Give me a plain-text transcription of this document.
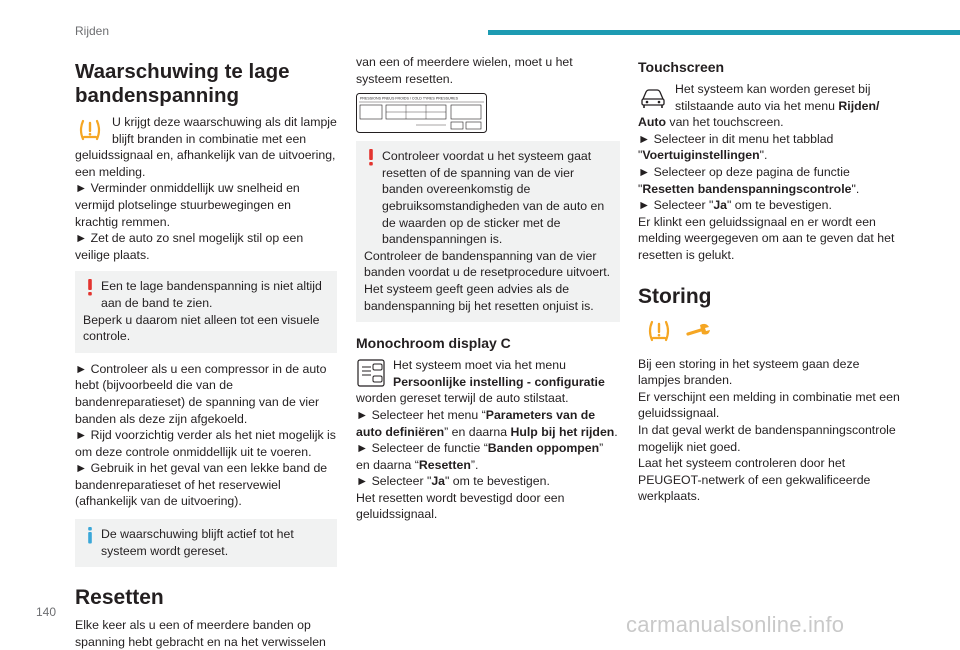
Rijden
Waarschuwing te lage bandenspanning

U krijgt deze waarschuwing als dit lampje blijft branden in combinatie met een geluidssignaal en, afhankelijk van de uitvoering, een melding.

► Verminder onmiddellijk uw snelheid en vermijd plotselinge stuurbewegingen en krachtig remmen.

► Zet de auto zo snel mogelijk stil op een veilige plaats.

Een te lage bandenspanning is niet altijd aan de band te zien.

Beperk u daarom niet alleen tot een visuele controle.

► Controleer als u een compressor in de auto hebt (bijvoorbeeld die van de bandenreparatieset) de spanning van de vier banden als deze zijn afgekoeld.

► Rijd voorzichtig verder als het niet mogelijk is om deze controle onmiddellijk uit te voeren.

► Gebruik in het geval van een lekke band de bandenreparatieset of het reservewiel (afhankelijk van de uitvoering).

De waarschuwing blijft actief tot het systeem wordt gereset.

Resetten

Elke keer als u een of meerdere banden op spanning hebt gebracht en na het verwisselen

van een of meerdere wielen, moet u het systeem resetten.

PRESSIONS PNEUS FROIDS / COLD TYRES PRESSURES

Controleer voordat u het systeem gaat resetten of de spanning van de vier banden overeenkomstig de gebruiksomstandigheden van de auto en de waarden op de sticker met de bandenspanningen is.

Controleer de bandenspanning van de vier banden voordat u de resetprocedure uitvoert. Het systeem geeft geen advies als de bandenspanning bij het resetten onjuist is.

Monochroom display C

Het systeem moet via het menu Persoonlijke instelling - configuratie worden gereset terwijl de auto stilstaat.

► Selecteer het menu “Parameters van de auto definiëren” en daarna Hulp bij het rijden.

► Selecteer de functie “Banden oppompen” en daarna “Resetten”.

► Selecteer "Ja" om te bevestigen.

Het resetten wordt bevestigd door een geluidssignaal.

Touchscreen

Het systeem kan worden gereset bij stilstaande auto via het menu Rijden/ Auto van het touchscreen.

► Selecteer in dit menu het tabblad "Voertuiginstellingen".

► Selecteer op deze pagina de functie "Resetten bandenspanningscontrole".

► Selecteer "Ja" om te bevestigen.

Er klinkt een geluidssignaal en er wordt een melding weergegeven om aan te geven dat het resetten is gelukt.

Storing

Bij een storing in het systeem gaan deze lampjes branden.

Er verschijnt een melding in combinatie met een geluidssignaal.

In dat geval werkt de bandenspanningscontrole mogelijk niet goed.

Laat het systeem controleren door het PEUGEOT-netwerk of een gekwalificeerde werkplaats.

140	carmanualsonline.info
